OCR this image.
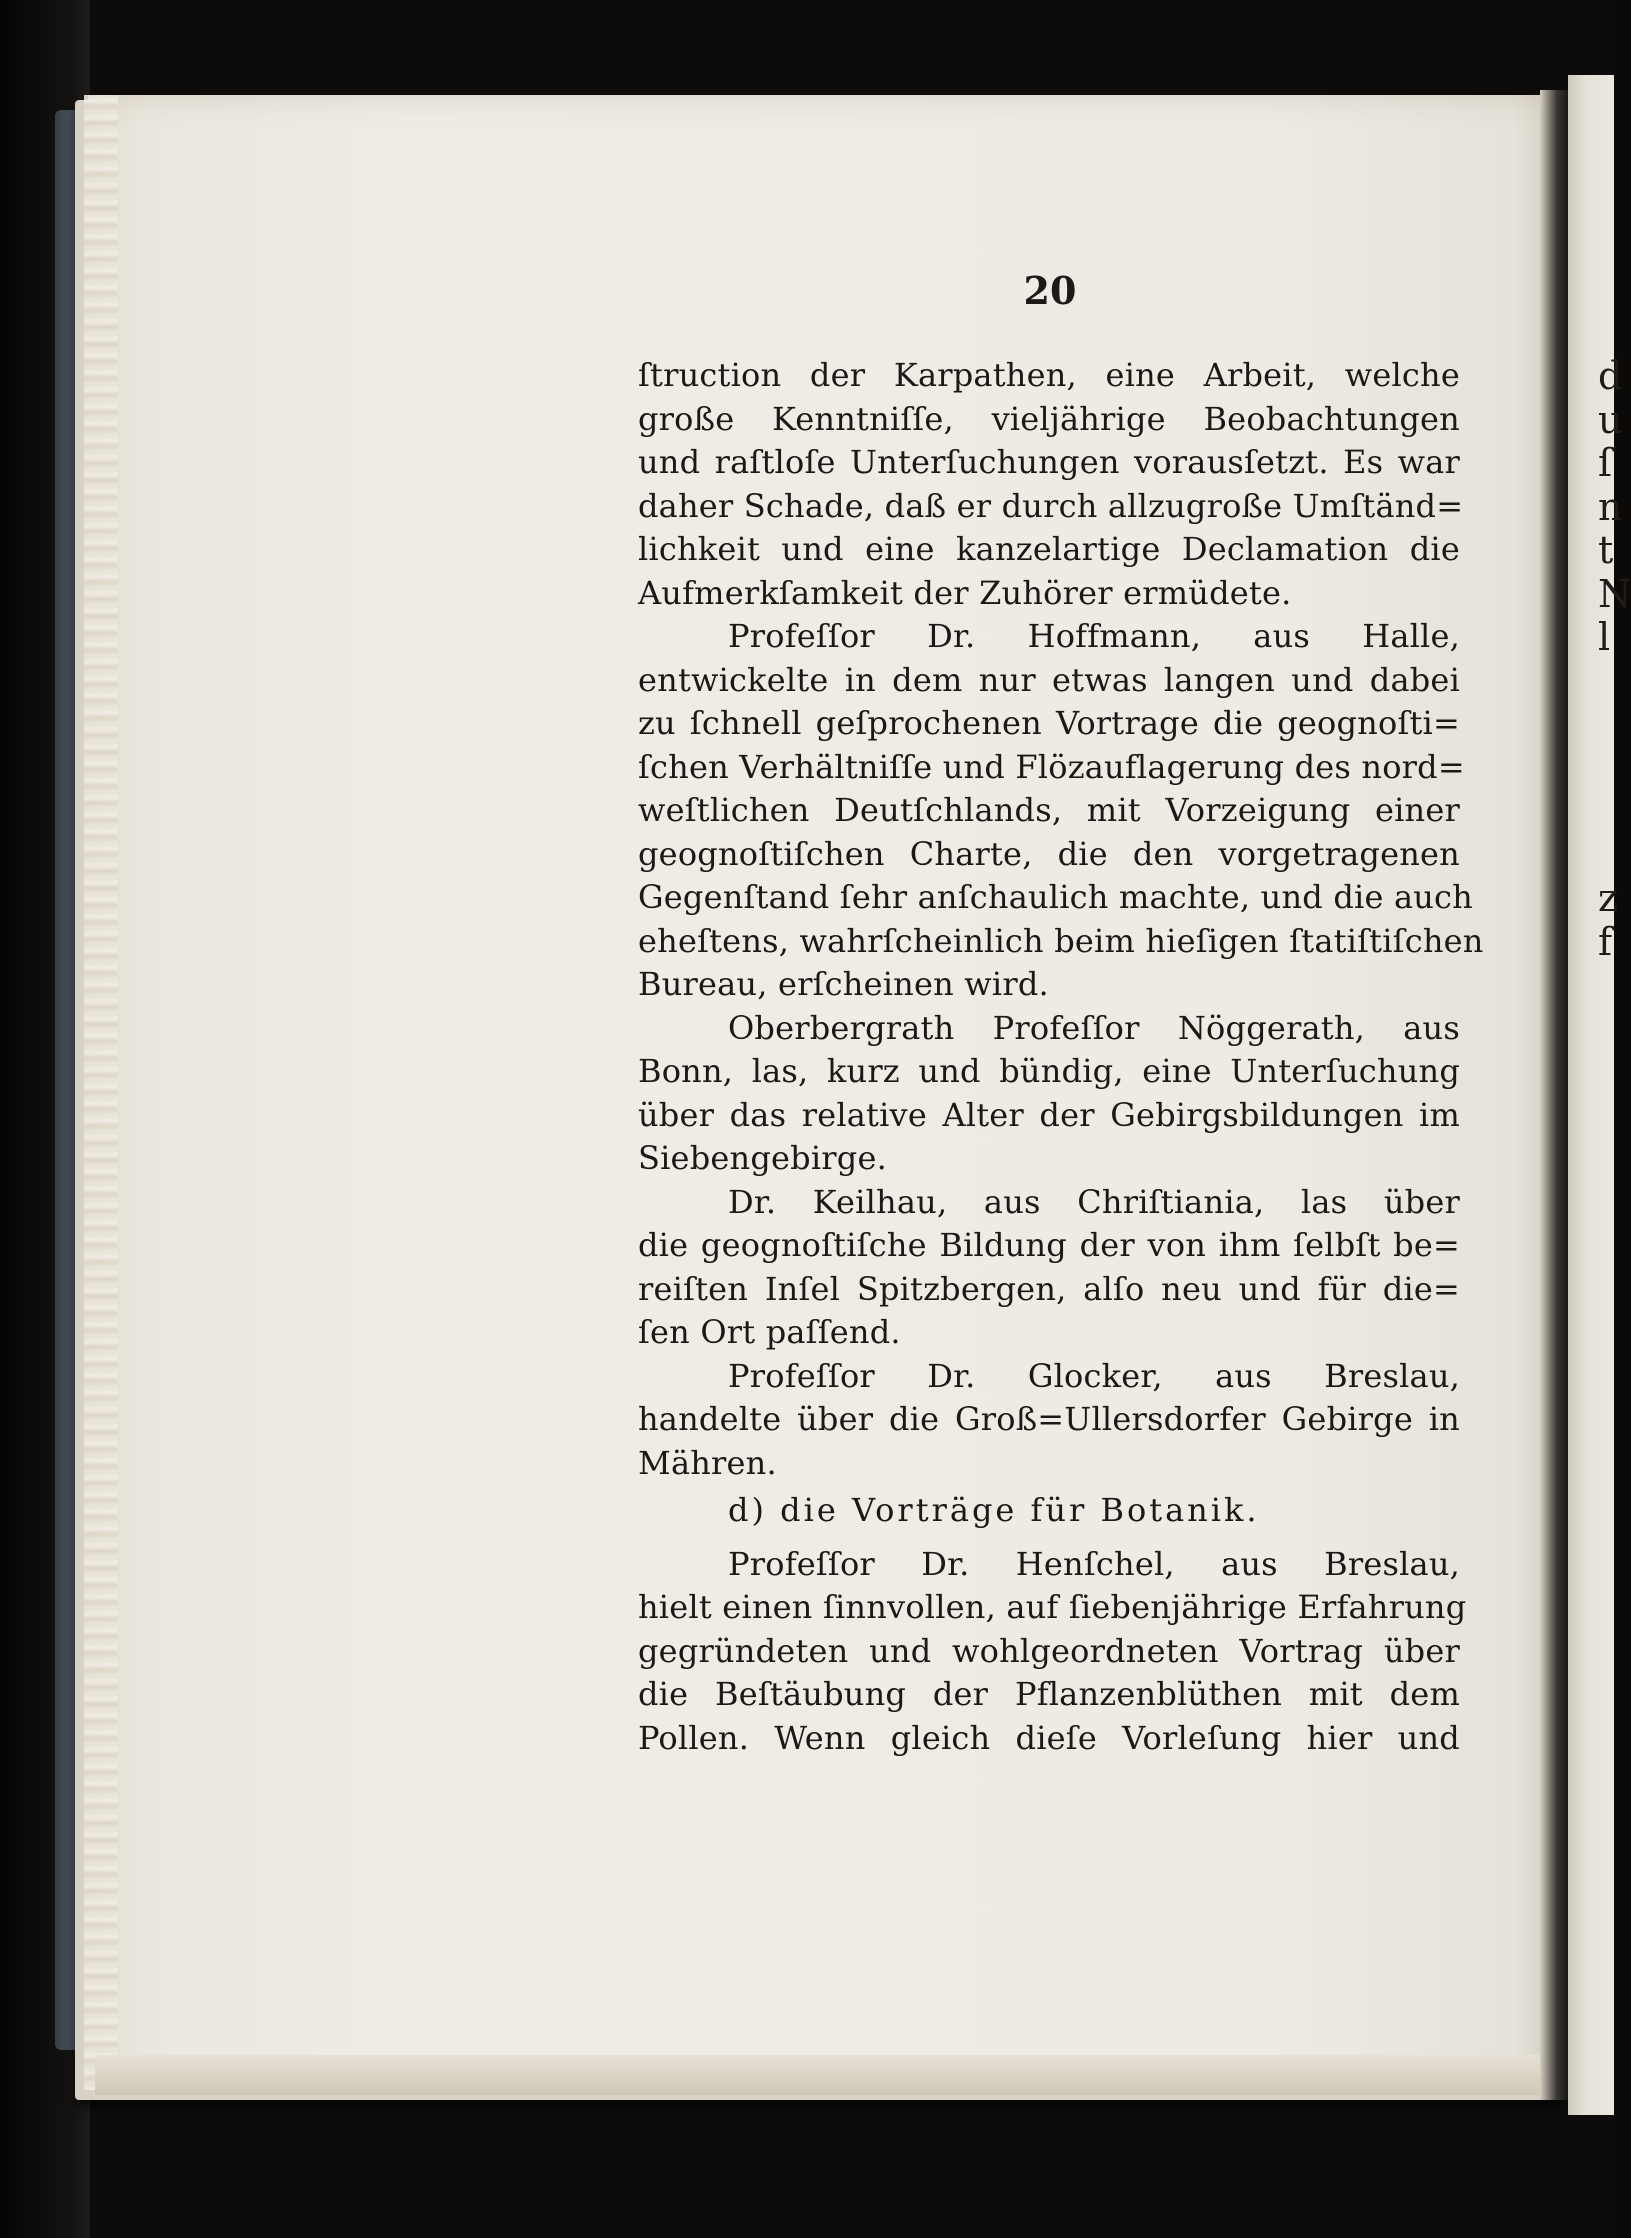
d
u
ſ
n
t
N
l
z
f
20
ſtruction der Karpathen, eine Arbeit, welche
große Kenntniſſe, vieljährige Beobachtungen
und raſtloſe Unterſuchungen vorausſetzt. Es war
daher Schade, daß er durch allzugroße Umſtänd=
lichkeit und eine kanzelartige Declamation die
Aufmerkſamkeit der Zuhörer ermüdete.
Profeſſor Dr. Hoffmann, aus Halle,
entwickelte in dem nur etwas langen und dabei
zu ſchnell geſprochenen Vortrage die geognoſti=
ſchen Verhältniſſe und Flözauflagerung des nord=
weſtlichen Deutſchlands, mit Vorzeigung einer
geognoſtiſchen Charte, die den vorgetragenen
Gegenſtand ſehr anſchaulich machte, und die auch
eheſtens, wahrſcheinlich beim hieſigen ſtatiſtiſchen
Bureau, erſcheinen wird.
Oberbergrath Profeſſor Nöggerath, aus
Bonn, las, kurz und bündig, eine Unterſuchung
über das relative Alter der Gebirgsbildungen im
Siebengebirge.
Dr. Keilhau, aus Chriſtiania, las über
die geognoſtiſche Bildung der von ihm ſelbſt be=
reiſten Inſel Spitzbergen, alſo neu und für die=
ſen Ort paſſend.
Profeſſor Dr. Glocker, aus Breslau,
handelte über die Groß=Ullersdorfer Gebirge in
Mähren.
d) die Vorträge für Botanik.
Profeſſor Dr. Henſchel, aus Breslau,
hielt einen ſinnvollen, auf ſiebenjährige Erfahrung
gegründeten und wohlgeordneten Vortrag über
die Beſtäubung der Pflanzenblüthen mit dem
Pollen. Wenn gleich dieſe Vorleſung hier und
